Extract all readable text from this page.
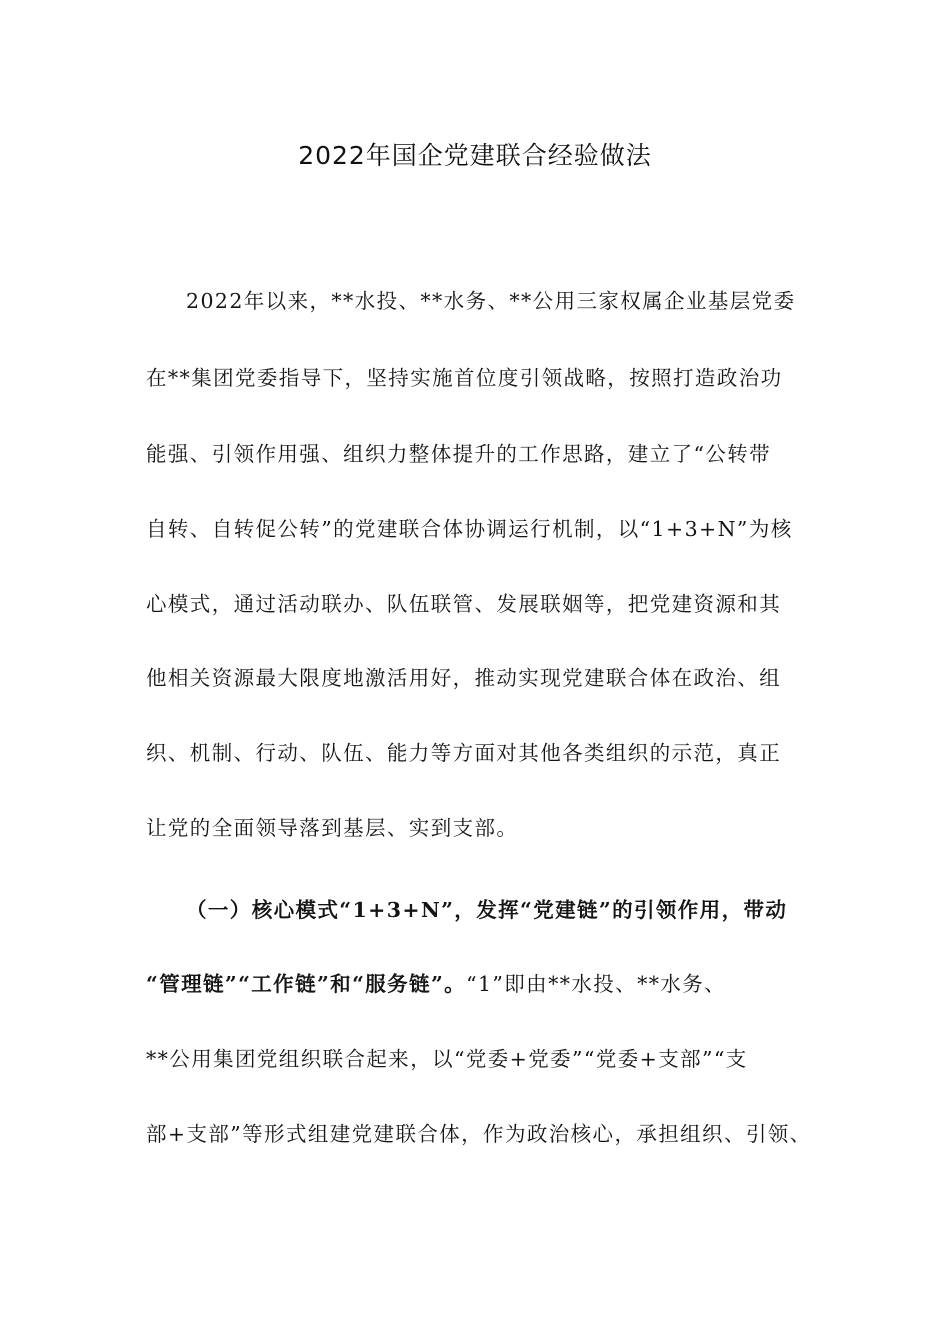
2022年国企党建联合经验做法
2022年以来，**水投、**水务、**公用三家权属企业基层党委
在**集团党委指导下，坚持实施首位度引领战略，按照打造政治功
能强、引领作用强、组织力整体提升的工作思路，建立了“公转带
自转、自转促公转”的党建联合体协调运行机制，以“1+3+N”为核
心模式，通过活动联办、队伍联管、发展联姻等，把党建资源和其
他相关资源最大限度地激活用好，推动实现党建联合体在政治、组
织、机制、行动、队伍、能力等方面对其他各类组织的示范，真正
让党的全面领导落到基层、实到支部。
（一）核心模式“1+3+N”，发挥“党建链”的引领作用，带动
“管理链”“工作链”和“服务链”。“1”即由**水投、**水务、
**公用集团党组织联合起来，以“党委+党委”“党委+支部”“支
部+支部”等形式组建党建联合体，作为政治核心，承担组织、引领、
